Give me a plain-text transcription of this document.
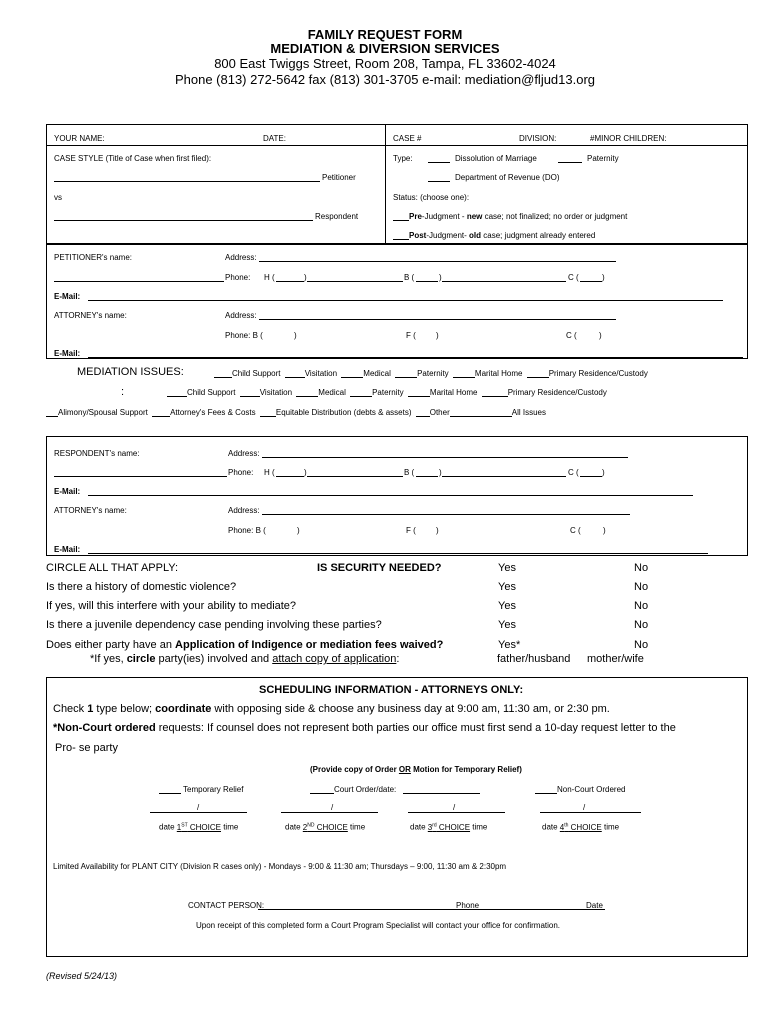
FAMILY REQUEST FORM
MEDIATION & DIVERSION SERVICES
800 East Twiggs Street, Room 208, Tampa, FL 33602-4024
Phone (813) 272-5642 fax (813) 301-3705 e-mail: mediation@fljud13.org
YOUR NAME:	DATE:	CASE #	DIVISION:	#MINOR CHILDREN:
CASE STYLE (Title of Case when first filed):
Petitioner
vs
Respondent
Type:	Dissolution of Marriage	Paternity
Department of Revenue (DO)
Status: (choose one):
Pre-Judgment - new case; not finalized; no order or judgment
Post-Judgment- old case; judgment already entered
PETITIONER's name:	Address:
Phone: H (	)	B (	)	C (	)
E-Mail:
ATTORNEY's name:	Address:
Phone: B (	)	F (	)	C (	)
E-Mail:
MEDIATION ISSUES:	Child Support	Visitation	Medical	Paternity	Marital Home	Primary Residence/Custody
:	Child Support	Visitation	Medical	Paternity	Marital Home	Primary Residence/Custody
Alimony/Spousal Support	Attorney's Fees & Costs	Equitable Distribution (debts & assets) Other	All Issues
RESPONDENT's name:	Address:
Phone: H (	)	B (	)	C (	)
E-Mail:
ATTORNEY's name:	Address:
Phone: B (	)	F (	)	C (	)
E-Mail:
CIRCLE ALL THAT APPLY:	IS SECURITY NEEDED?	Yes	No
Is there a history of domestic violence?	Yes	No
If yes, will this interfere with your ability to mediate?	Yes	No
Is there a juvenile dependency case pending involving these parties?	Yes	No
Does either party have an Application of Indigence or mediation fees waived?	Yes*	No
*If yes, circle party(ies) involved and attach copy of application:	father/husband mother/wife
SCHEDULING INFORMATION - ATTORNEYS ONLY:
Check 1 type below; coordinate with opposing side & choose any business day at 9:00 am, 11:30 am, or 2:30 pm.
*Non-Court ordered requests: If counsel does not represent both parties our office must first send a 10-day request letter to the
Pro- se party
(Provide copy of Order OR Motion for Temporary Relief)
Temporary Relief	Court Order/date:	Non-Court Ordered
/	/	/	/
date 1ST CHOICE time	date 2ND CHOICE time	date 3rd CHOICE time	date 4th CHOICE time
Limited Availability for PLANT CITY (Division R cases only) - Mondays - 9:00 & 11:30 am; Thursdays – 9:00, 11:30 am & 2:30pm
CONTACT PERSON:	Phone	Date
Upon receipt of this completed form a Court Program Specialist will contact your office for confirmation.
(Revised 5/24/13)
